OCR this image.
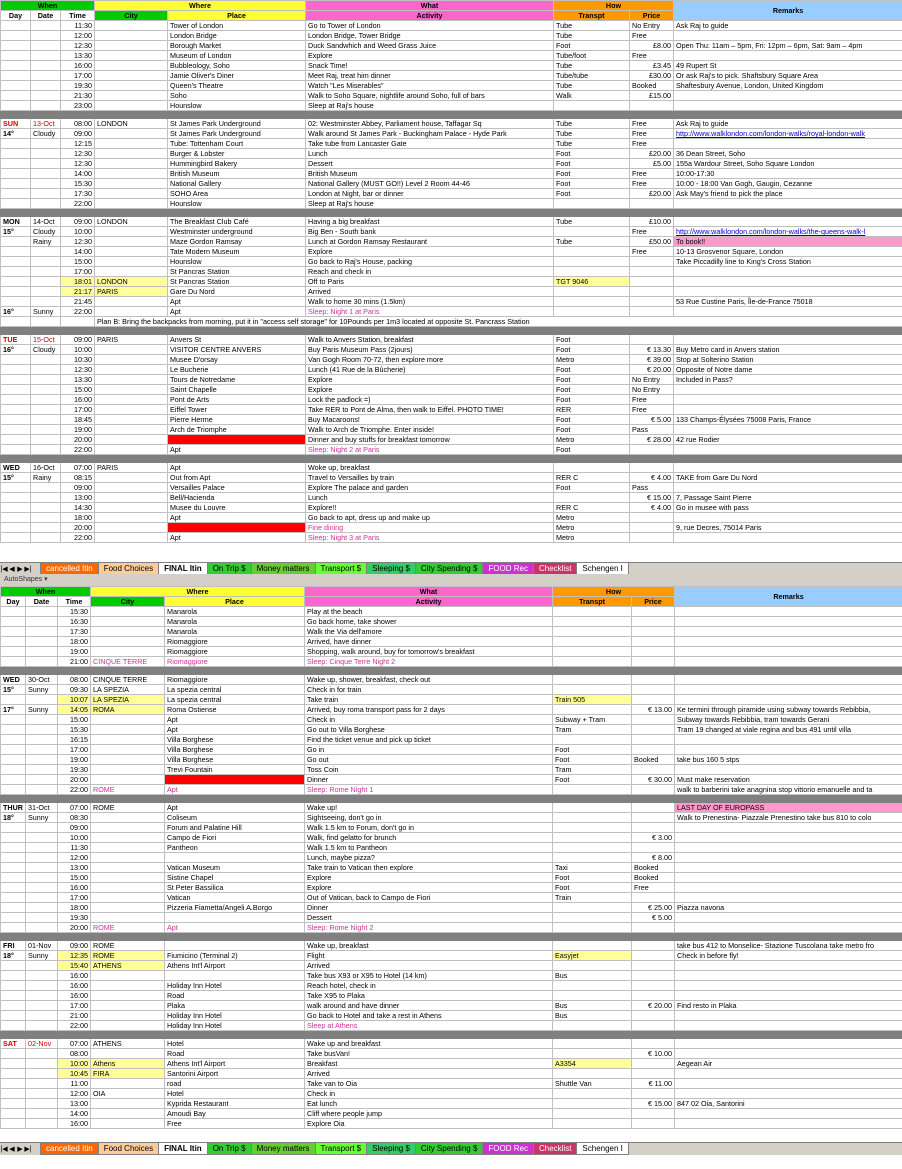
When			Where		What	How		Remarks
Day	Date	Time	City	Place	Activity	Transpt	Price	
		11:30		Tower of London	Go to Tower of London	Tube	No Entry	Ask Raj to guide
		12:00		London Bridge	London Bridge, Tower Bridge	Tube	Free	
		12:30		Borough Market	Duck Sandwhich and Weed Grass Juice	Foot	£8.00	Open Thu: 11am – 5pm, Fri: 12pm – 6pm, Sat: 9am – 4pm
		13:30		Museum of London	Explore	Tube/foot	Free	
		16:00		Bubbleology, Soho	Snack Time!	Tube	£3.45	49 Rupert St
		17:00		Jamie Oliver's Diner	Meet Raj, treat him dinner	Tube/tube	£30.00	Or ask Raj's to pick. Shaftsbury Square Area
		19:30		Queen's Theatre	Watch "Les Miserables"	Tube	Booked	Shaftesbury Avenue, London, United Kingdom
		21:30		Soho	Walk to Soho Square, nightlife around Soho, full of bars	Walk	£15.00	
		23:00		Hounslow	Sleep at Raj's house			

SUN	13-Oct	08:00	LONDON	St James Park Underground	02: Westminster Abbey, Parliament house, Taffagar Sq	Tube	Free	Ask Raj to guide
14°	Cloudy	09:00		St James Park Underground	Walk around St James Park - Buckingham Palace - Hyde Park	Tube	Free	http://www.walklondon.com/london-walks/royal-london-walk
		12:15		Tube: Tottenham Court	Take tube from Lancaster Gate	Tube	Free	
		12:30		Burger & Lobster	Lunch	Foot	£20.00	36 Dean Street, Soho
		12:30		Hummingbird Bakery	Dessert	Foot	£5.00	155a Wardour Street, Soho Square London
		14:00		British Museum	British Museum	Foot	Free	10:00-17:30
		15:30		National Gallery	National Gallery (MUST GO!!) Level 2 Room 44-46	Foot	Free	10:00 - 18:00 Van Gogh, Gaugin, Cezanne
		17:30		SOHO Area	London at Night, bar or dinner	Foot	£20.00	Ask May's friend to pick the place
		22:00		Hounslow	Sleep at Raj's house			

MON	14-Oct	09:00	LONDON	The Breakfast Club Café	Having a big breakfast	Tube	£10.00	
15°	Cloudy	10:00		Westminster underground	Big Ben - South bank		Free	http://www.walklondon.com/london-walks/the-queens-walk-l
	Rainy	12:30		Maze Gordon Ramsay	Lunch at Gordon Ramsay Restaurant	Tube	£50.00	To book!!
		14:00		Tate Modern Museum	Explore		Free	10-13 Grosvenor Square, London
		15:00		Hounslow	Go back to Raj's House, packing			Take Piccadilly line to King's Cross Station
		17:00		St Pancras Station	Reach and check in			
		18:01	LONDON	St Pancras Station	Off to Paris	TGT 9046		
		21:17	PARIS	Gare Du Nord	Arrived			
		21:45		Apt	Walk to home 30 mins (1.5km)			53 Rue Custine Paris, Île-de-France 75018
16°	Sunny	22:00		Apt	Sleep: Night 1 at Paris			
			Plan B: Bring the backpacks from morning, put it in "access self storage" for 10Pounds per 1m3 located at opposite St. Pancrass Station					

TUE	15-Oct	09:00	PARIS	Anvers St	Walk to Anvers Station, breakfast	Foot		
16°	Cloudy	10:00		VISITOR CENTRE ANVERS	Buy Paris Museum Pass (2jours)	Foot	€ 13.30	Buy Metro card in Anvers station
		10:30		Musee D'orsay	Van Gogh Room 70-72, then explore more	Metro	€ 39.00	Stop at Solterino Station
		12:30		Le Bucherie	Lunch (41 Rue de la Bûcherie)	Foot	€ 20.00	Opposite of Notre dame
		13:30		Tours de Notredame	Explore	Foot	No Entry	Included in Pass?
		15:00		Saint Chapelle	Explore	Foot	No Entry	
		16:00		Pont de Arts	Lock the padlock =)	Foot	Free	
		17:00		Eiffel Tower	Take RER to Pont de Alma, then walk to Eiffel. PHOTO TIME!	RER	Free	
		18:45		Pierre Herme	Buy Macaroons!	Foot	€ 5.00	133 Champs-Élysées 75008 Paris, France
		19:00		Arch de Triomphe	Walk to Arch de Triomphe. Enter inside!	Foot	Pass	
		20:00			Dinner and buy stuffs for breakfast tomorrow	Metro	€ 28.00	42 rue Rodier
		22:00		Apt	Sleep: Night 2 at Paris	Foot		

WED	16-Oct	07:00	PARIS	Apt	Woke up, breakfast			
15°	Rainy	08:15		Out from Apt	Travel to Versailles by train	RER C	€ 4.00	TAKE from Gare Du Nord
		09:00		Versailles Palace	Explore The palace and garden	Foot	Pass	
		13:00		Bell/Hacienda	Lunch		€ 15.00	7, Passage Saint Pierre
		14:30		Musee du Louvre	Explore!!	RER C	€ 4.00	Go in musee with pass
		18:00		Apt	Go back to apt, dress up and make up	Metro		
		20:00			Fine dining	Metro		9, rue Decres, 75014 Paris
		22:00		Apt	Sleep: Night 3 at Paris	Metro		
|◀ ◀ ▶ ▶|	cancelled Itin Food Choices FINAL Itin On Trip $ Money matters Transport $ Sleeping $ City Spending $ FOOD Rec Checklist Schengen I
AutoShapes ▾
When			Where		What	How		Remarks
Day	Date	Time	City	Place	Activity	Transpt	Price	
		15:30		Manarola	Play at the beach			
		16:30		Manarola	Go back home, take shower			
		17:30		Manarola	Walk the Via dell'amore			
		18:00		Riomaggiore	Arrived, have dinner			
		19:00		Riomaggiore	Shopping, walk around, buy for tomorrow's breakfast			
		21:00	CINQUE TERRE	Riomaggiore	Sleep: Cinque Terre Night 2			

WED	30-Oct	08:00	CINQUE TERRE	Riomaggiore	Wake up, shower, breakfast, check out			
15°	Sunny	09:30	LA SPEZIA	La spezia central	Check in for train			
		10:07	LA SPEZIA	La spezia central	Take train	Train 505		
17°	Sunny	14:05	ROMA	Roma Ostiense	Arrived, buy roma transport pass for 2 days		€ 13.00	Ke termini through piramide using subway towards Rebibbia,
		15:00		Apt	Check in	Subway + Tram		Subway towards Rebibbia, tram towards Gerani
		15:30		Apt	Go out to Villa Borghese	Tram		Tram 19 changed at viale regina and bus 491 until villa
		16:15		Villa Borghese	Find the ticket venue and pick up ticket			
		17:00		Villa Borghese	Go in	Foot		
		19:00		Villa Borghese	Go out	Foot	Booked	take bus 160 5 stps
		19:30		Trevi Fountain	Toss Coin	Tram		
		20:00			Dinner	Foot	€ 30.00	Must make reservation
		22:00	ROME	Apt	Sleep: Rome Night 1			walk to barberini take anagnina stop vittorio emanuelle and ta

THUR	31-Oct	07:00	ROME	Apt	Wake up!			LAST DAY OF EUROPASS
18°	Sunny	08:30		Coliseum	Sightseeing, don't go in			Walk to Prenestina- Piazzale Prenestino take bus 810 to colo
		09:00		Forum and Palatine Hill	Walk 1.5 km to Forum, don't go in			
		10:00		Campo de Fiori	Walk, find gelatto for brunch		€ 3.00	
		11:30		Pantheon	Walk 1.5 km to Pantheon			
		12:00			Lunch, maybe pizza?		€ 8.00	
		13:00		Vatican Museum	Take train to Vatican then explore	Taxi	Booked	
		15:00		Sistine Chapel	Explore	Foot	Booked	
		16:00		St Peter Bassilica	Explore	Foot	Free	
		17:00		Vatican	Out of Vatican, back to Campo de Fiori	Train		
		18:00		Pizzeria Fiametta/Angeli A.Borgo	Dinner		€ 25.00	Piazza navona
		19:30			Dessert		€ 5.00	
		20:00	ROME	Apt	Sleep: Rome Night 2			

FRI	01-Nov	09:00	ROME		Wake up, breakfast			take bus 412 to Monselice- Stazione Tuscolana take metro fro
18°	Sunny	12:35	ROME	Fiumicino (Terminal 2)	Flight	Easyjet		Check in before fly!
		15:40	ATHENS	Athens Int'l Airport	Arrived			
		16:00			Take bus X93 or X95 to Hotel (14 km)	Bus		
		16:00		Holiday Inn Hotel	Reach hotel, check in			
		16:00		Road	Take X95 to Plaka			
		17:00		Plaka	walk around and have dinner	Bus	€ 20.00	Find resto in Plaka
		21:00		Holiday Inn Hotel	Go back to Hotel and take a rest in Athens	Bus		
		22:00		Holiday Inn Hotel	Sleep at Athens			

SAT	02-Nov	07:00	ATHENS	Hotel	Wake up and breakfast			
		08:00		Road	Take busVan!		€ 10.00	
		10:00	Athens	Athens Int'l Airport	Breakfast	A3354		Aegean Air
		10:45	FIRA	Santorini Airport	Arrived			
		11:00		road	Take van to Oia	Shuttle Van	€ 11.00	
		12:00	OIA	Hotel	Check in			
		13:00		Kyprida Restaurant	Eat lunch		€ 15.00	847 02 Oia, Santorini
		14:00		Amoudi Bay	Cliff where people jump			
		16:00		Free	Explore Oia			
|◀ ◀ ▶ ▶|	cancelled Itin Food Choices FINAL Itin On Trip $ Money matters Transport $ Sleeping $ City Spending $ FOOD Rec Checklist Schengen I
